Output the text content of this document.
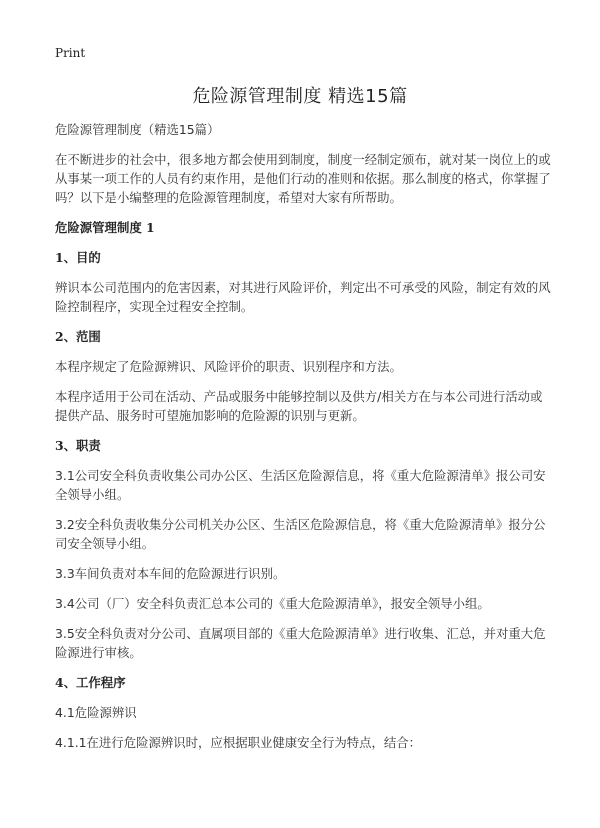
Print
危险源管理制度 精选15篇

危险源管理制度（精选15篇）

在不断进步的社会中，很多地方都会使用到制度，制度一经制定颁布，就对某一岗位上的或从事某一项工作的人员有约束作用，是他们行动的准则和依据。那么制度的格式，你掌握了吗？以下是小编整理的危险源管理制度，希望对大家有所帮助。

危险源管理制度 1

1、目的

辨识本公司范围内的危害因素，对其进行风险评价，判定出不可承受的风险，制定有效的风险控制程序，实现全过程安全控制。

2、范围

本程序规定了危险源辨识、风险评价的职责、识别程序和方法。

本程序适用于公司在活动、产品或服务中能够控制以及供方/相关方在与本公司进行活动或提供产品、服务时可望施加影响的危险源的识别与更新。

3、职责

3.1公司安全科负责收集公司办公区、生活区危险源信息，将《重大危险源清单》报公司安全领导小组。

3.2安全科负责收集分公司机关办公区、生活区危险源信息，将《重大危险源清单》报分公司安全领导小组。

3.3车间负责对本车间的危险源进行识别。

3.4公司（厂）安全科负责汇总本公司的《重大危险源清单》，报安全领导小组。

3.5安全科负责对分公司、直属项目部的《重大危险源清单》进行收集、汇总，并对重大危险源进行审核。

4、工作程序

4.1危险源辨识

4.1.1在进行危险源辨识时，应根据职业健康安全行为特点，结合：
